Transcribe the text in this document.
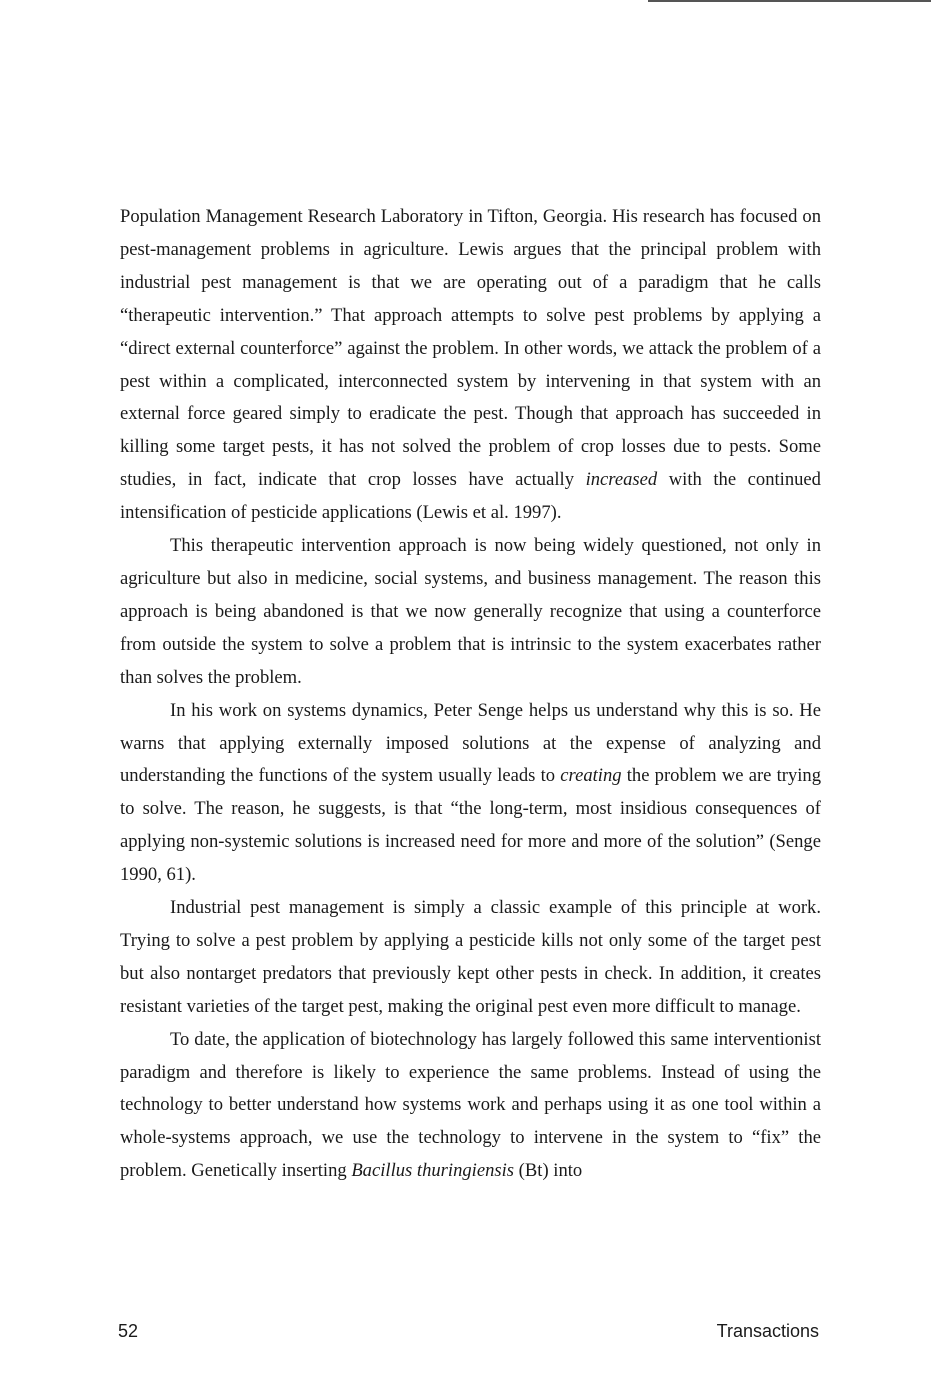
Population Management Research Laboratory in Tifton, Georgia. His research has focused on pest-management problems in agriculture. Lewis argues that the principal problem with industrial pest management is that we are operating out of a paradigm that he calls “therapeutic intervention.” That approach attempts to solve pest problems by applying a “direct external counterforce” against the problem. In other words, we attack the problem of a pest within a complicated, interconnected system by intervening in that system with an external force geared simply to eradicate the pest. Though that approach has succeeded in killing some target pests, it has not solved the problem of crop losses due to pests. Some studies, in fact, indicate that crop losses have actually increased with the continued intensification of pesticide applications (Lewis et al. 1997).

This therapeutic intervention approach is now being widely questioned, not only in agriculture but also in medicine, social systems, and business management. The reason this approach is being abandoned is that we now generally recognize that using a counterforce from outside the system to solve a problem that is intrinsic to the system exacerbates rather than solves the problem.

In his work on systems dynamics, Peter Senge helps us understand why this is so. He warns that applying externally imposed solutions at the expense of analyzing and understanding the functions of the system usually leads to creating the problem we are trying to solve. The reason, he suggests, is that “the long-term, most insidious consequences of applying non-systemic solutions is increased need for more and more of the solution” (Senge 1990, 61).

Industrial pest management is simply a classic example of this principle at work. Trying to solve a pest problem by applying a pesticide kills not only some of the target pest but also nontarget predators that previously kept other pests in check. In addition, it creates resistant varieties of the target pest, making the original pest even more difficult to manage.

To date, the application of biotechnology has largely followed this same interventionist paradigm and therefore is likely to experience the same problems. Instead of using the technology to better understand how systems work and perhaps using it as one tool within a whole-systems approach, we use the technology to intervene in the system to “fix” the problem. Genetically inserting Bacillus thuringiensis (Bt) into

52	Transactions
